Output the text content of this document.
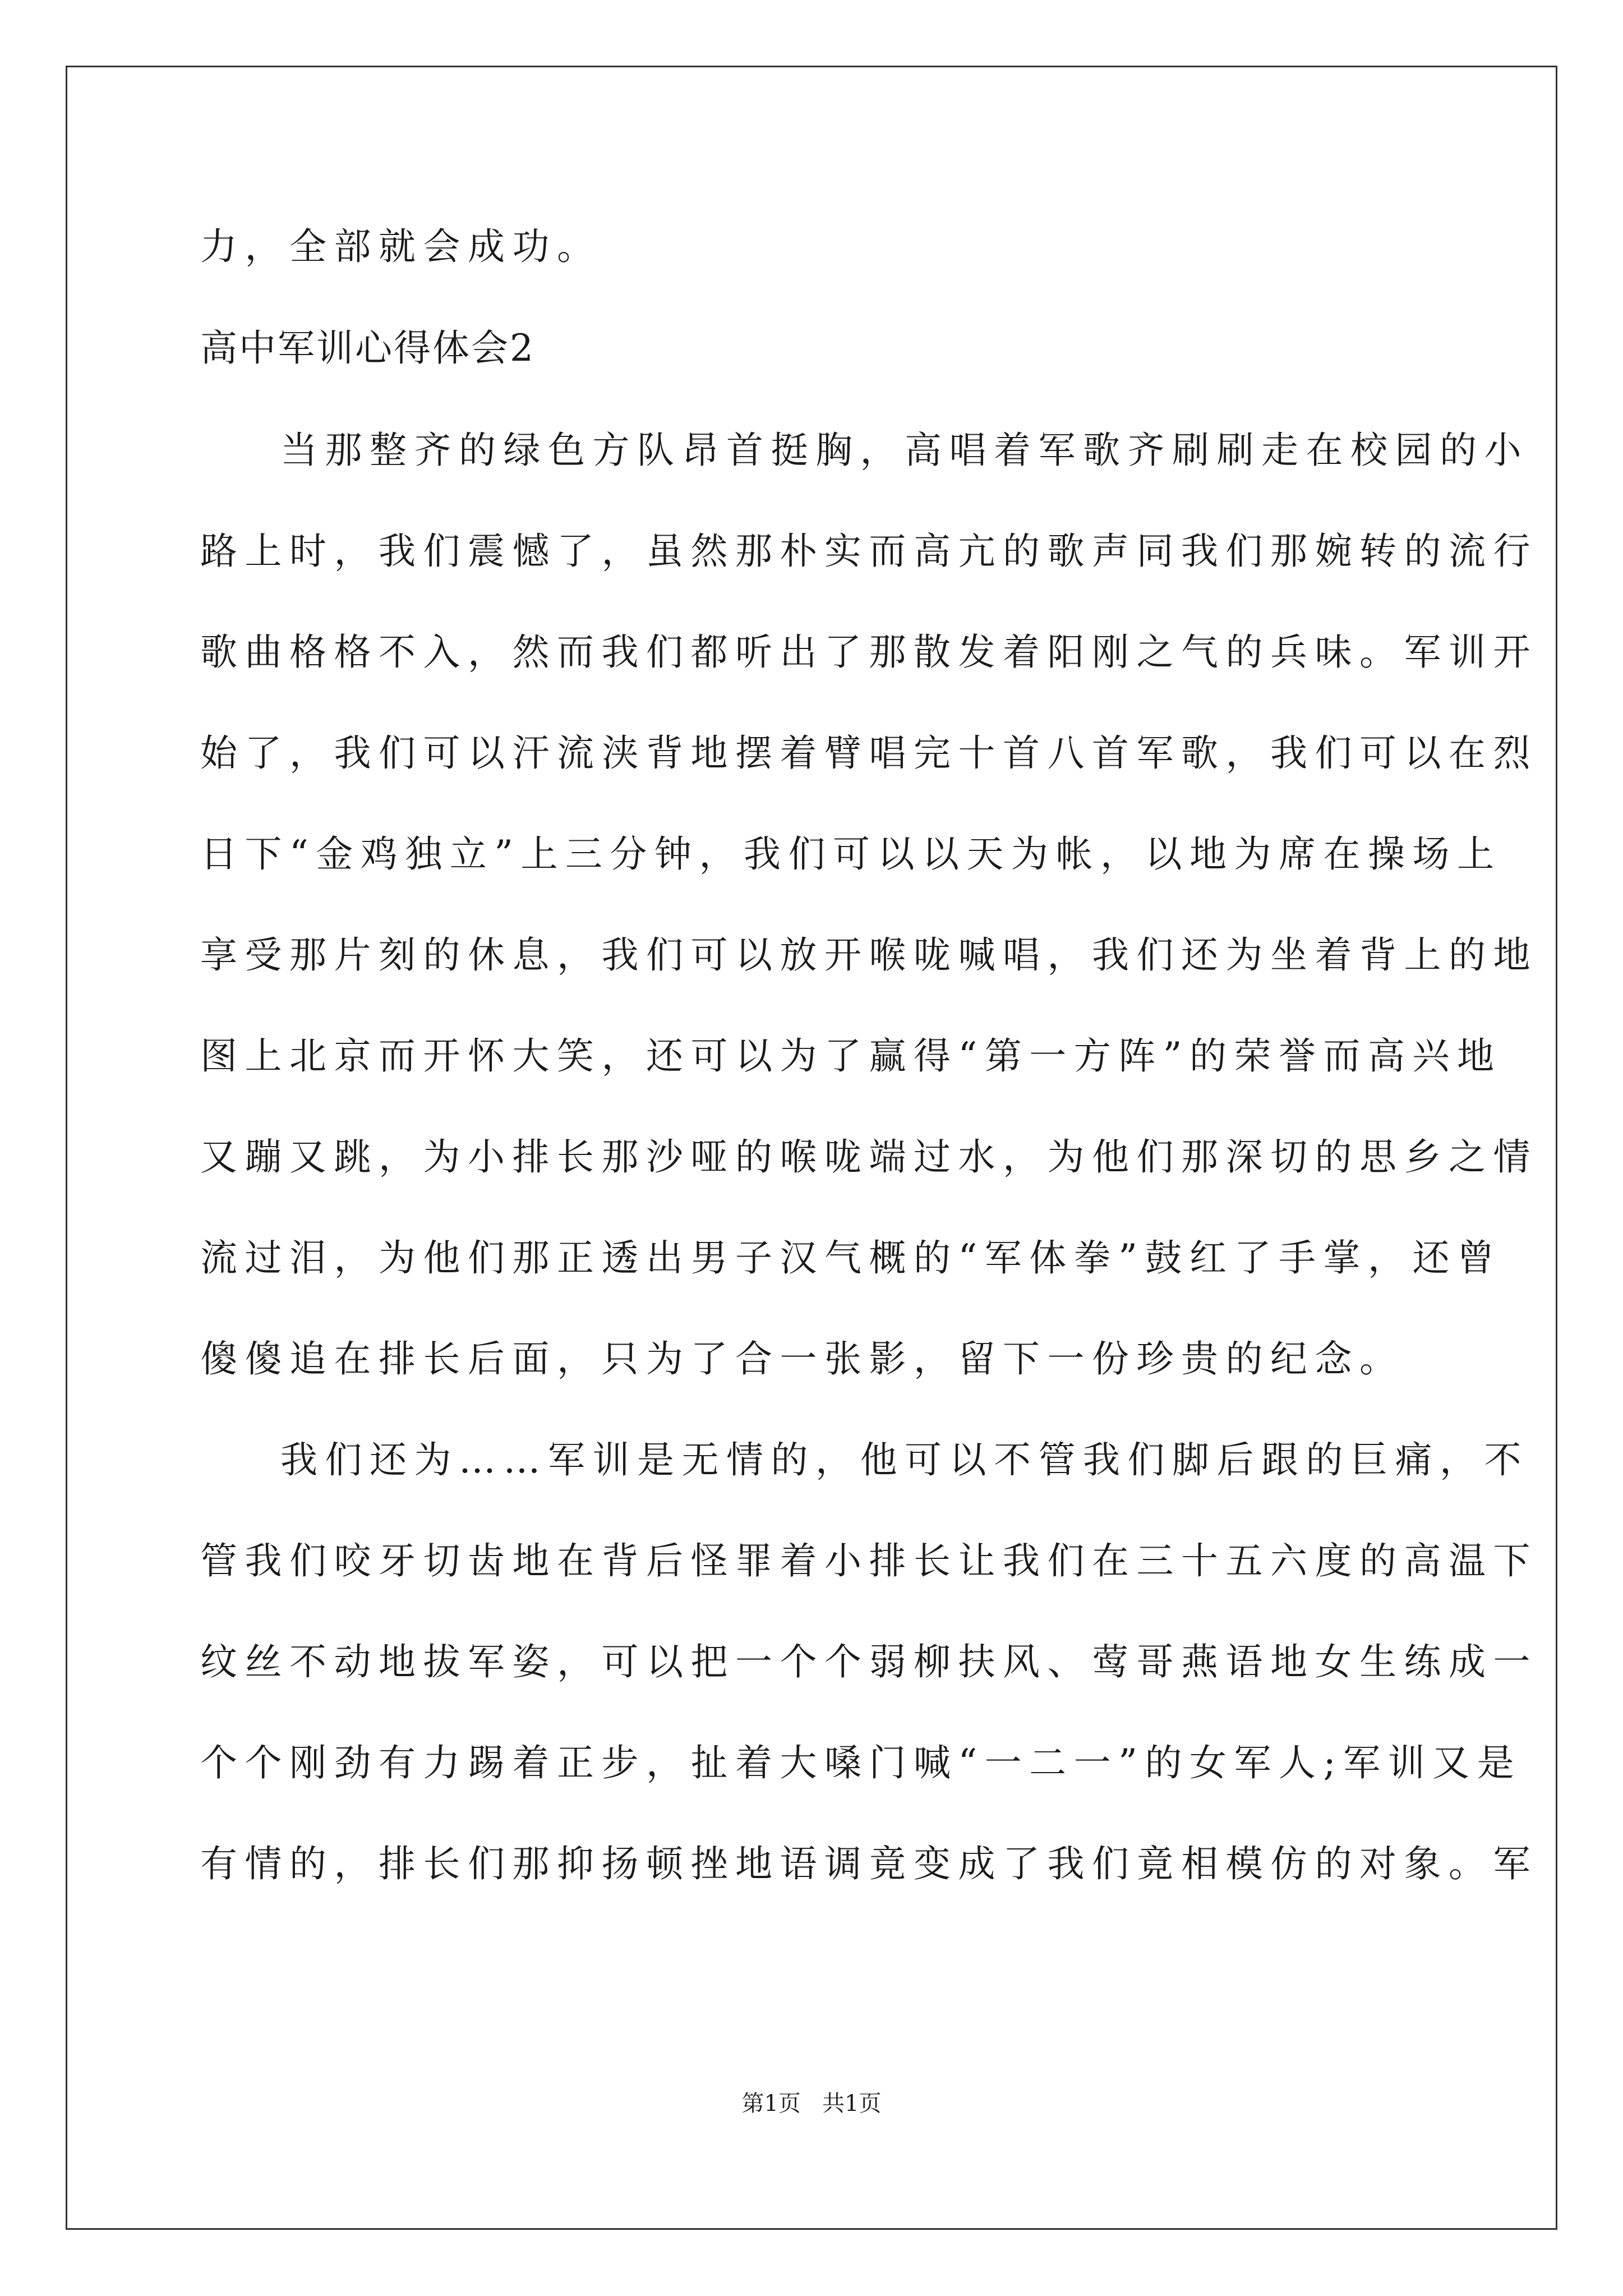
力，全部就会成功。
高中军训心得体会2
当那整齐的绿色方队昂首挺胸，高唱着军歌齐刷刷走在校园的小
路上时，我们震憾了，虽然那朴实而高亢的歌声同我们那婉转的流行
歌曲格格不入，然而我们都听出了那散发着阳刚之气的兵味。军训开
始了，我们可以汗流浃背地摆着臂唱完十首八首军歌，我们可以在烈
日下“金鸡独立”上三分钟，我们可以以天为帐，以地为席在操场上
享受那片刻的休息，我们可以放开喉咙喊唱，我们还为坐着背上的地
图上北京而开怀大笑，还可以为了赢得“第一方阵”的荣誉而高兴地
又蹦又跳，为小排长那沙哑的喉咙端过水，为他们那深切的思乡之情
流过泪，为他们那正透出男子汉气概的“军体拳”鼓红了手掌，还曾
傻傻追在排长后面，只为了合一张影，留下一份珍贵的纪念。
我们还为……军训是无情的，他可以不管我们脚后跟的巨痛，不
管我们咬牙切齿地在背后怪罪着小排长让我们在三十五六度的高温下
纹丝不动地拔军姿，可以把一个个弱柳扶风、莺哥燕语地女生练成一
个个刚劲有力踢着正步，扯着大嗓门喊“一二一”的女军人;军训又是
有情的，排长们那抑扬顿挫地语调竟变成了我们竟相模仿的对象。军
第1页   共1页
